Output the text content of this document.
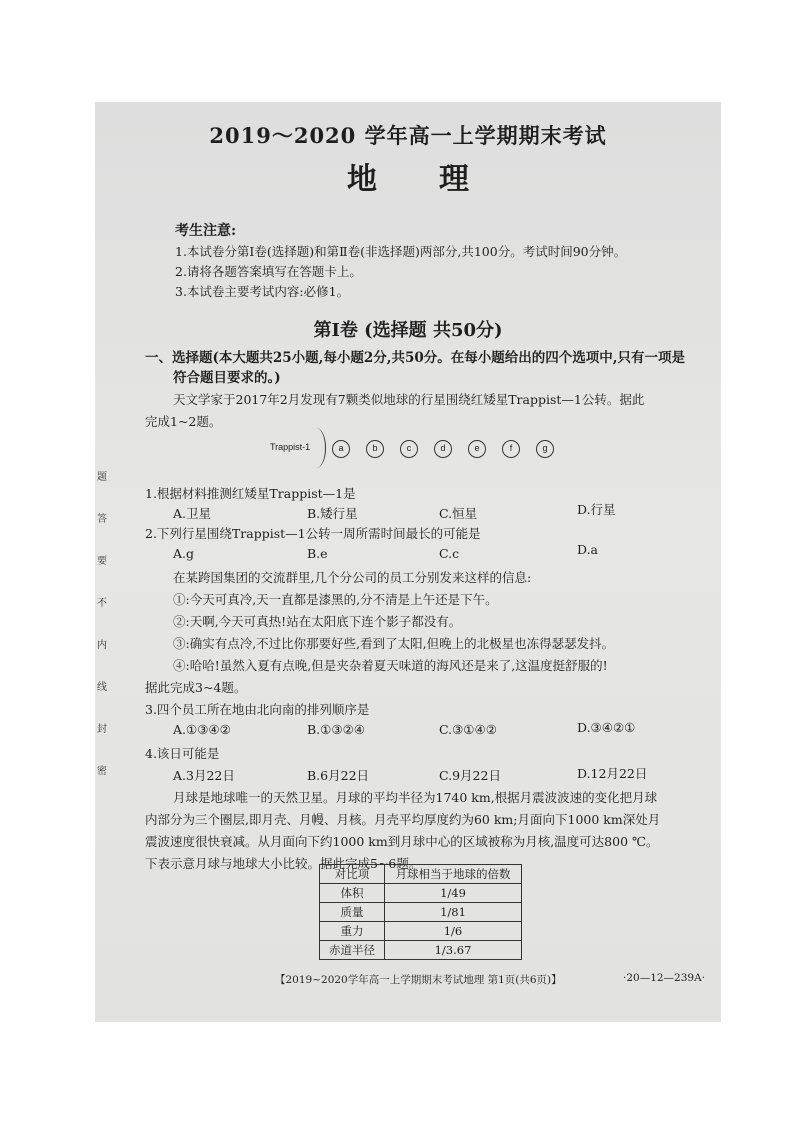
题
答
要
不
内
线
封
密
2019～2020 学年高一上学期期末考试
地理
考生注意:
1.本试卷分第Ⅰ卷(选择题)和第Ⅱ卷(非选择题)两部分,共100分。考试时间90分钟。
2.请将各题答案填写在答题卡上。
3.本试卷主要考试内容:必修1。
第Ⅰ卷 (选择题 共50分)
一、选择题(本大题共25小题,每小题2分,共50分。在每小题给出的四个选项中,只有一项是
符合题目要求的。)
天文学家于2017年2月发现有7颗类似地球的行星围绕红矮星Trappist—1公转。据此
完成1~2题。
Trappist-1	a	b	c	d	e	f	g
1.根据材料推测红矮星Trappist—1是
A.卫星	B.矮行星	C.恒星	D.行星
2.下列行星围绕Trappist—1公转一周所需时间最长的可能是
A.g	B.e	C.c	D.a
在某跨国集团的交流群里,几个分公司的员工分别发来这样的信息:
①:今天可真冷,天一直都是漆黑的,分不清是上午还是下午。
②:天啊,今天可真热!站在太阳底下连个影子都没有。
③:确实有点冷,不过比你那要好些,看到了太阳,但晚上的北极星也冻得瑟瑟发抖。
④:哈哈!虽然入夏有点晚,但是夹杂着夏天味道的海风还是来了,这温度挺舒服的!
据此完成3~4题。
3.四个员工所在地由北向南的排列顺序是
A.①③④②	B.①③②④	C.③①④②	D.③④②①
4.该日可能是
A.3月22日	B.6月22日	C.9月22日	D.12月22日
月球是地球唯一的天然卫星。月球的平均半径为1740 km,根据月震波波速的变化把月球
内部分为三个圈层,即月壳、月幔、月核。月壳平均厚度约为60 km;月面向下1000 km深处月
震波速度很快衰减。从月面向下约1000 km到月球中心的区域被称为月核,温度可达800 ℃。
下表示意月球与地球大小比较。据此完成5~6题。
对比项	月球相当于地球的倍数
体积	1/49
质量	1/81
重力	1/6
赤道半径	1/3.67
【2019~2020学年高一上学期期末考试地理 第1页(共6页)】	·20—12—239A·
